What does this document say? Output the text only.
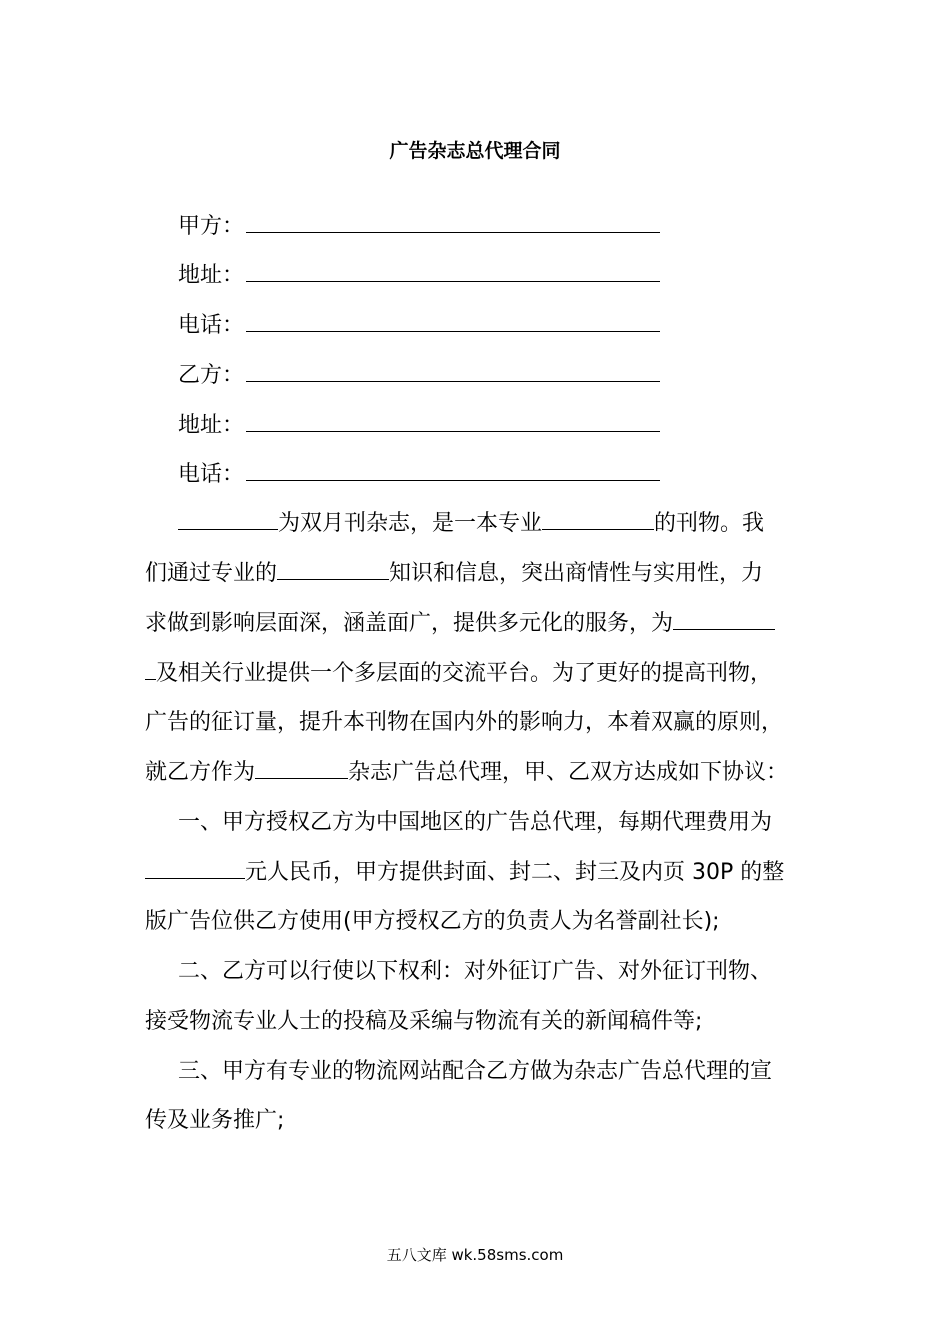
广告杂志总代理合同
甲方：
地址：
电话：
乙方：
地址：
电话：
为双月刊杂志，是一本专业	的刊物。我
们通过专业的	知识和信息，突出商情性与实用性，力
求做到影响层面深，涵盖面广，提供多元化的服务，为
及相关行业提供一个多层面的交流平台。为了更好的提高刊物，
广告的征订量，提升本刊物在国内外的影响力，本着双赢的原则，
就乙方作为	杂志广告总代理，甲、乙双方达成如下协议：
一、甲方授权乙方为中国地区的广告总代理，每期代理费用为
元人民币，甲方提供封面、封二、封三及内页 30P 的整
版广告位供乙方使用(甲方授权乙方的负责人为名誉副社长);
二、乙方可以行使以下权利：对外征订广告、对外征订刊物、
接受物流专业人士的投稿及采编与物流有关的新闻稿件等;
三、甲方有专业的物流网站配合乙方做为杂志广告总代理的宣
传及业务推广;
五八文库 wk.58sms.com
